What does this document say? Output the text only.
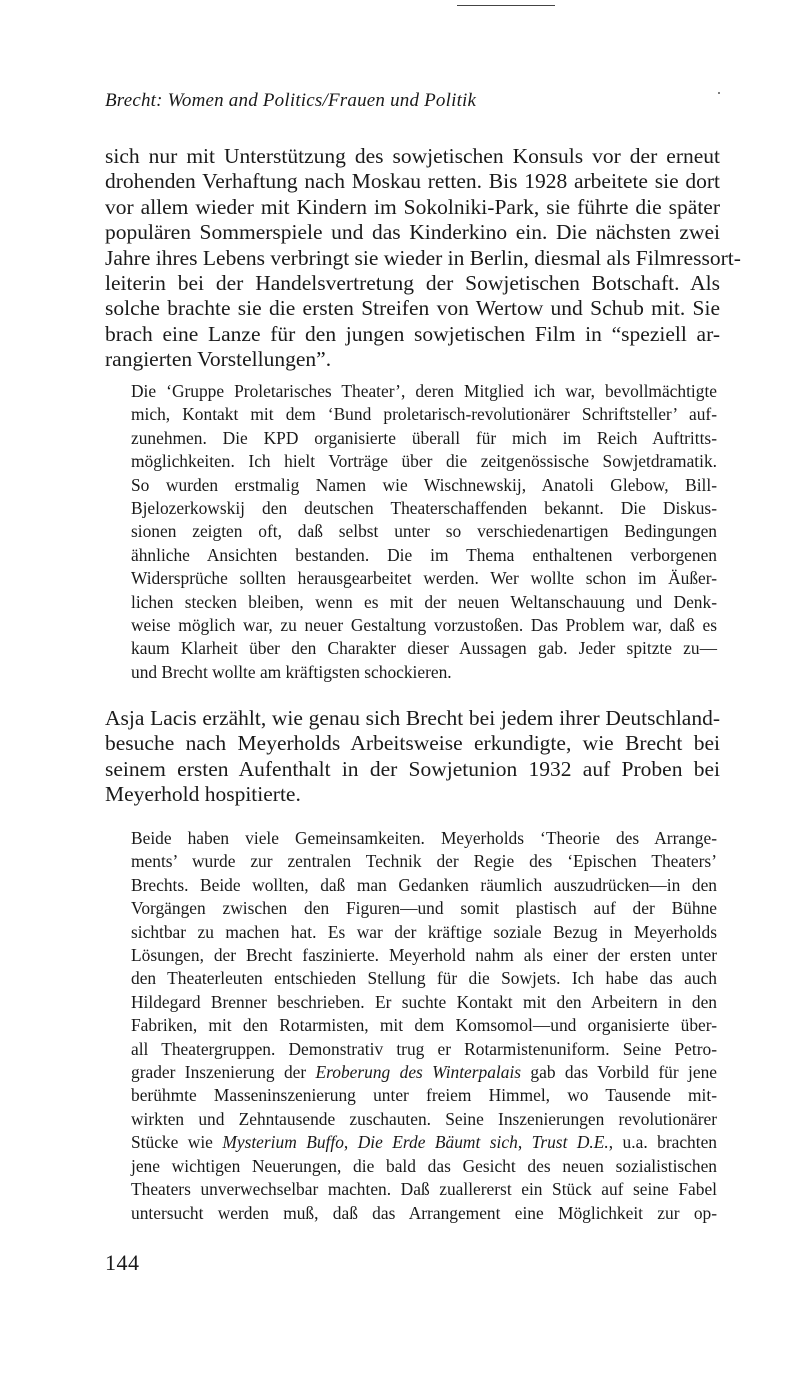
Brecht: Women and Politics/Frauen und Politik

sich nur mit Unterstützung des sowjetischen Konsuls vor der erneut
drohenden Verhaftung nach Moskau retten. Bis 1928 arbeitete sie dort
vor allem wieder mit Kindern im Sokolniki-Park, sie führte die später
populären Sommerspiele und das Kinderkino ein. Die nächsten zwei
Jahre ihres Lebens verbringt sie wieder in Berlin, diesmal als Filmressort-
leiterin bei der Handelsvertretung der Sowjetischen Botschaft. Als
solche brachte sie die ersten Streifen von Wertow und Schub mit. Sie
brach eine Lanze für den jungen sowjetischen Film in “speziell ar-
rangierten Vorstellungen”.

Die ‘Gruppe Proletarisches Theater’, deren Mitglied ich war, bevollmächtigte
mich, Kontakt mit dem ‘Bund proletarisch-revolutionärer Schriftsteller’ auf-
zunehmen. Die KPD organisierte überall für mich im Reich Auftritts-
möglichkeiten. Ich hielt Vorträge über die zeitgenössische Sowjetdramatik.
So wurden erstmalig Namen wie Wischnewskij, Anatoli Glebow, Bill-
Bjelozerkowskij den deutschen Theaterschaffenden bekannt. Die Diskus-
sionen zeigten oft, daß selbst unter so verschiedenartigen Bedingungen
ähnliche Ansichten bestanden. Die im Thema enthaltenen verborgenen
Widersprüche sollten herausgearbeitet werden. Wer wollte schon im Äußer-
lichen stecken bleiben, wenn es mit der neuen Weltanschauung und Denk-
weise möglich war, zu neuer Gestaltung vorzustoßen. Das Problem war, daß es
kaum Klarheit über den Charakter dieser Aussagen gab. Jeder spitzte zu—
und Brecht wollte am kräftigsten schockieren.

Asja Lacis erzählt, wie genau sich Brecht bei jedem ihrer Deutschland-
besuche nach Meyerholds Arbeitsweise erkundigte, wie Brecht bei
seinem ersten Aufenthalt in der Sowjetunion 1932 auf Proben bei
Meyerhold hospitierte.

Beide haben viele Gemeinsamkeiten. Meyerholds ‘Theorie des Arrange-
ments’ wurde zur zentralen Technik der Regie des ‘Epischen Theaters’
Brechts. Beide wollten, daß man Gedanken räumlich auszudrücken—in den
Vorgängen zwischen den Figuren—und somit plastisch auf der Bühne
sichtbar zu machen hat. Es war der kräftige soziale Bezug in Meyerholds
Lösungen, der Brecht faszinierte. Meyerhold nahm als einer der ersten unter
den Theaterleuten entschieden Stellung für die Sowjets. Ich habe das auch
Hildegard Brenner beschrieben. Er suchte Kontakt mit den Arbeitern in den
Fabriken, mit den Rotarmisten, mit dem Komsomol—und organisierte über-
all Theatergruppen. Demonstrativ trug er Rotarmistenuniform. Seine Petro-
grader Inszenierung der Eroberung des Winterpalais gab das Vorbild für jene
berühmte Masseninszenierung unter freiem Himmel, wo Tausende mit-
wirkten und Zehntausende zuschauten. Seine Inszenierungen revolutionärer
Stücke wie Mysterium Buffo, Die Erde Bäumt sich, Trust D.E., u.a. brachten
jene wichtigen Neuerungen, die bald das Gesicht des neuen sozialistischen
Theaters unverwechselbar machten. Daß zuallererst ein Stück auf seine Fabel
untersucht werden muß, daß das Arrangement eine Möglichkeit zur op-

144
